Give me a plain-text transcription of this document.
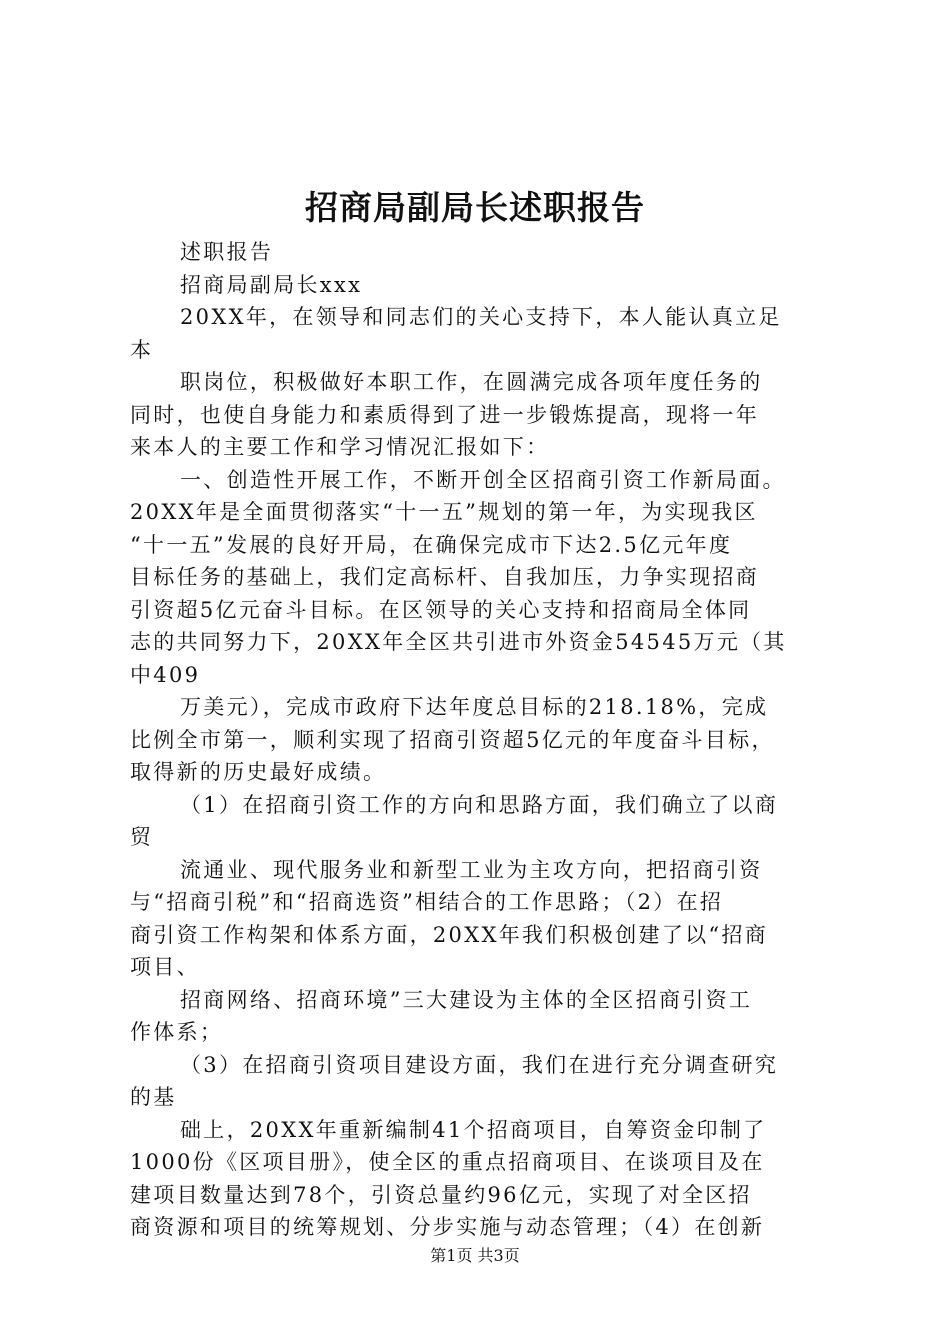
招商局副局长述职报告
述职报告
招商局副局长xxx
20XX年，在领导和同志们的关心支持下，本人能认真立足
本
职岗位，积极做好本职工作，在圆满完成各项年度任务的
同时，也使自身能力和素质得到了进一步锻炼提高，现将一年
来本人的主要工作和学习情况汇报如下：
一、创造性开展工作，不断开创全区招商引资工作新局面。
20XX年是全面贯彻落实“十一五”规划的第一年，为实现我区
“十一五”发展的良好开局，在确保完成市下达2.5亿元年度
目标任务的基础上，我们定高标杆、自我加压，力争实现招商
引资超5亿元奋斗目标。在区领导的关心支持和招商局全体同
志的共同努力下，20XX年全区共引进市外资金54545万元（其
中409
万美元），完成市政府下达年度总目标的218.18%，完成
比例全市第一，顺利实现了招商引资超5亿元的年度奋斗目标，
取得新的历史最好成绩。
（1）在招商引资工作的方向和思路方面，我们确立了以商
贸
流通业、现代服务业和新型工业为主攻方向，把招商引资
与“招商引税”和“招商选资”相结合的工作思路；（2）在招
商引资工作构架和体系方面，20XX年我们积极创建了以“招商
项目、
招商网络、招商环境”三大建设为主体的全区招商引资工
作体系；
（3）在招商引资项目建设方面，我们在进行充分调查研究
的基
础上，20XX年重新编制41个招商项目，自筹资金印制了
1000份《区项目册》，使全区的重点招商项目、在谈项目及在
建项目数量达到78个，引资总量约96亿元，实现了对全区招
商资源和项目的统筹规划、分步实施与动态管理；（4）在创新
第1页 共3页
